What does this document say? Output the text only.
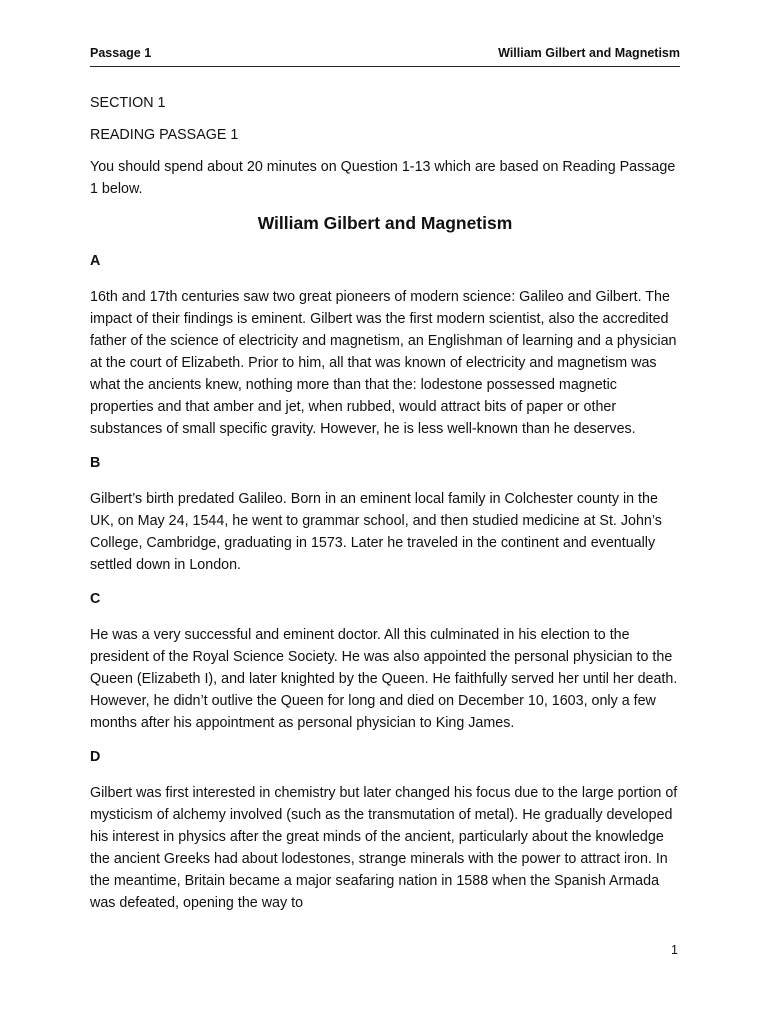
Passage 1	William Gilbert and Magnetism

SECTION 1

READING PASSAGE 1

You should spend about 20 minutes on Question 1-13 which are based on Reading Passage 1 below.

William Gilbert and Magnetism

A

16th and 17th centuries saw two great pioneers of modern science: Galileo and Gilbert. The impact of their findings is eminent. Gilbert was the first modern scientist, also the accredited father of the science of electricity and magnetism, an Englishman of learning and a physician at the court of Elizabeth. Prior to him, all that was known of electricity and magnetism was what the ancients knew, nothing more than that the: lodestone possessed magnetic properties and that amber and jet, when rubbed, would attract bits of paper or other substances of small specific gravity. However, he is less well-known than he deserves.

B

Gilbert’s birth predated Galileo. Born in an eminent local family in Colchester county in the UK, on May 24, 1544, he went to grammar school, and then studied medicine at St. John’s College, Cambridge, graduating in 1573. Later he traveled in the continent and eventually settled down in London.

C

He was a very successful and eminent doctor. All this culminated in his election to the president of the Royal Science Society. He was also appointed the personal physician to the Queen (Elizabeth I), and later knighted by the Queen. He faithfully served her until her death. However, he didn’t outlive the Queen for long and died on December 10, 1603, only a few months after his appointment as personal physician to King James.

D

Gilbert was first interested in chemistry but later changed his focus due to the large portion of mysticism of alchemy involved (such as the transmutation of metal). He gradually developed his interest in physics after the great minds of the ancient, particularly about the knowledge the ancient Greeks had about lodestones, strange minerals with the power to attract iron. In the meantime, Britain became a major seafaring nation in 1588 when the Spanish Armada was defeated, opening the way to

1
